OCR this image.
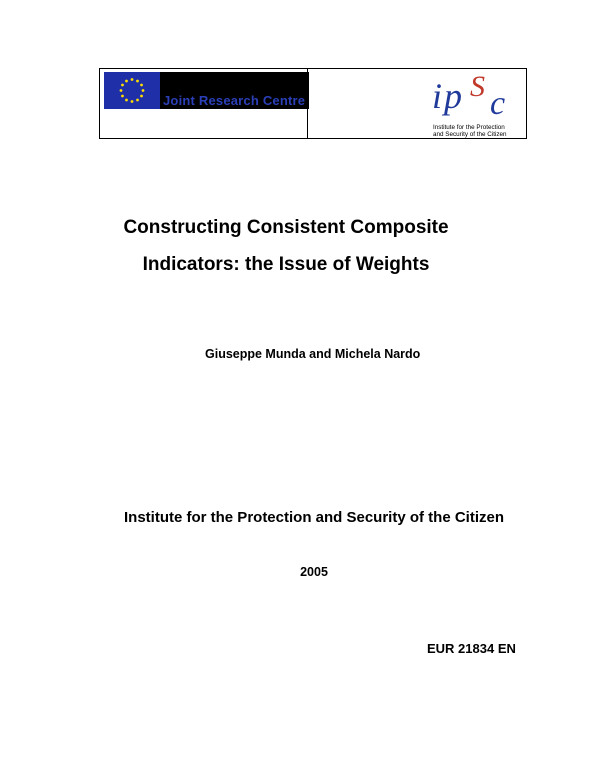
Joint Research Centre	i p S c
Institute for the Protection
and Security of the Citizen
Constructing Consistent Composite
Indicators: the Issue of Weights
Giuseppe Munda and Michela Nardo
Institute for the Protection and Security of the Citizen
2005
EUR 21834 EN
